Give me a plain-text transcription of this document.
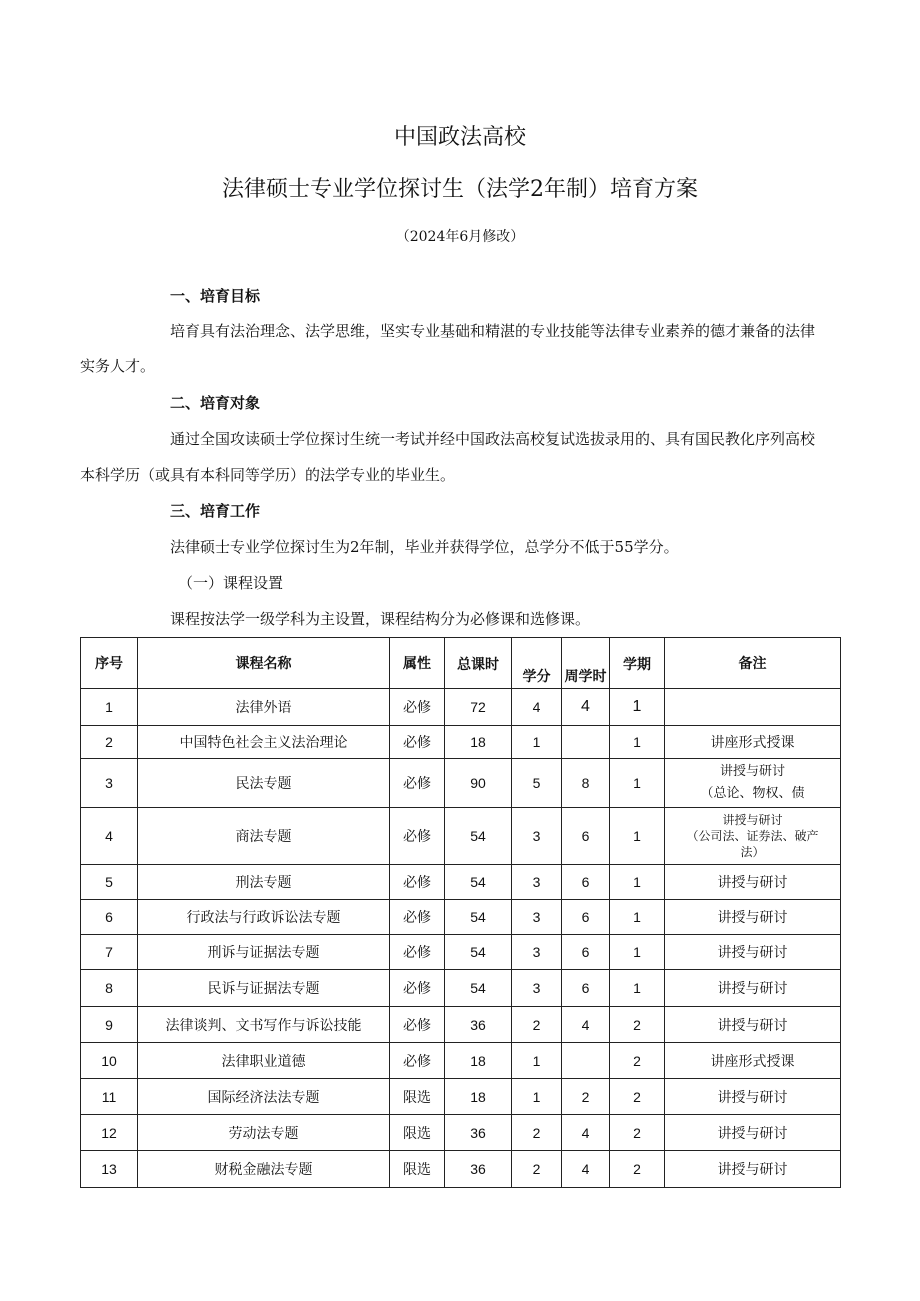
中国政法高校
法律硕士专业学位探讨生（法学2年制）培育方案
（2024年6月修改）
一、培育目标
培育具有法治理念、法学思维，坚实专业基础和精湛的专业技能等法律专业素养的德才兼备的法律
实务人才。
二、培育对象
通过全国攻读硕士学位探讨生统一考试并经中国政法高校复试选拔录用的、具有国民教化序列高校
本科学历（或具有本科同等学历）的法学专业的毕业生。
三、培育工作
法律硕士专业学位探讨生为2年制，毕业并获得学位，总学分不低于55学分。
（一）课程设置
课程按法学一级学科为主设置，课程结构分为必修课和选修课。
序号	课程名称	属性	总课时	学分	周学时	学期	备注
1	法律外语	必修	72	4	4	1	
2	中国特色社会主义法治理论	必修	18	1		1	讲座形式授课
3	民法专题	必修	90	5	8	1	讲授与研讨
（总论、物权、债

4	商法专题	必修	54	3	6	1	讲授与研讨
（公司法、证券法、破产
法）

5	刑法专题	必修	54	3	6	1	讲授与研讨
6	行政法与行政诉讼法专题	必修	54	3	6	1	讲授与研讨
7	刑诉与证据法专题	必修	54	3	6	1	讲授与研讨
8	民诉与证据法专题	必修	54	3	6	1	讲授与研讨
9	法律谈判、文书写作与诉讼技能	必修	36	2	4	2	讲授与研讨
10	法律职业道德	必修	18	1		2	讲座形式授课
11	国际经济法法专题	限选	18	1	2	2	讲授与研讨
12	劳动法专题	限选	36	2	4	2	讲授与研讨
13	财税金融法专题	限选	36	2	4	2	讲授与研讨
